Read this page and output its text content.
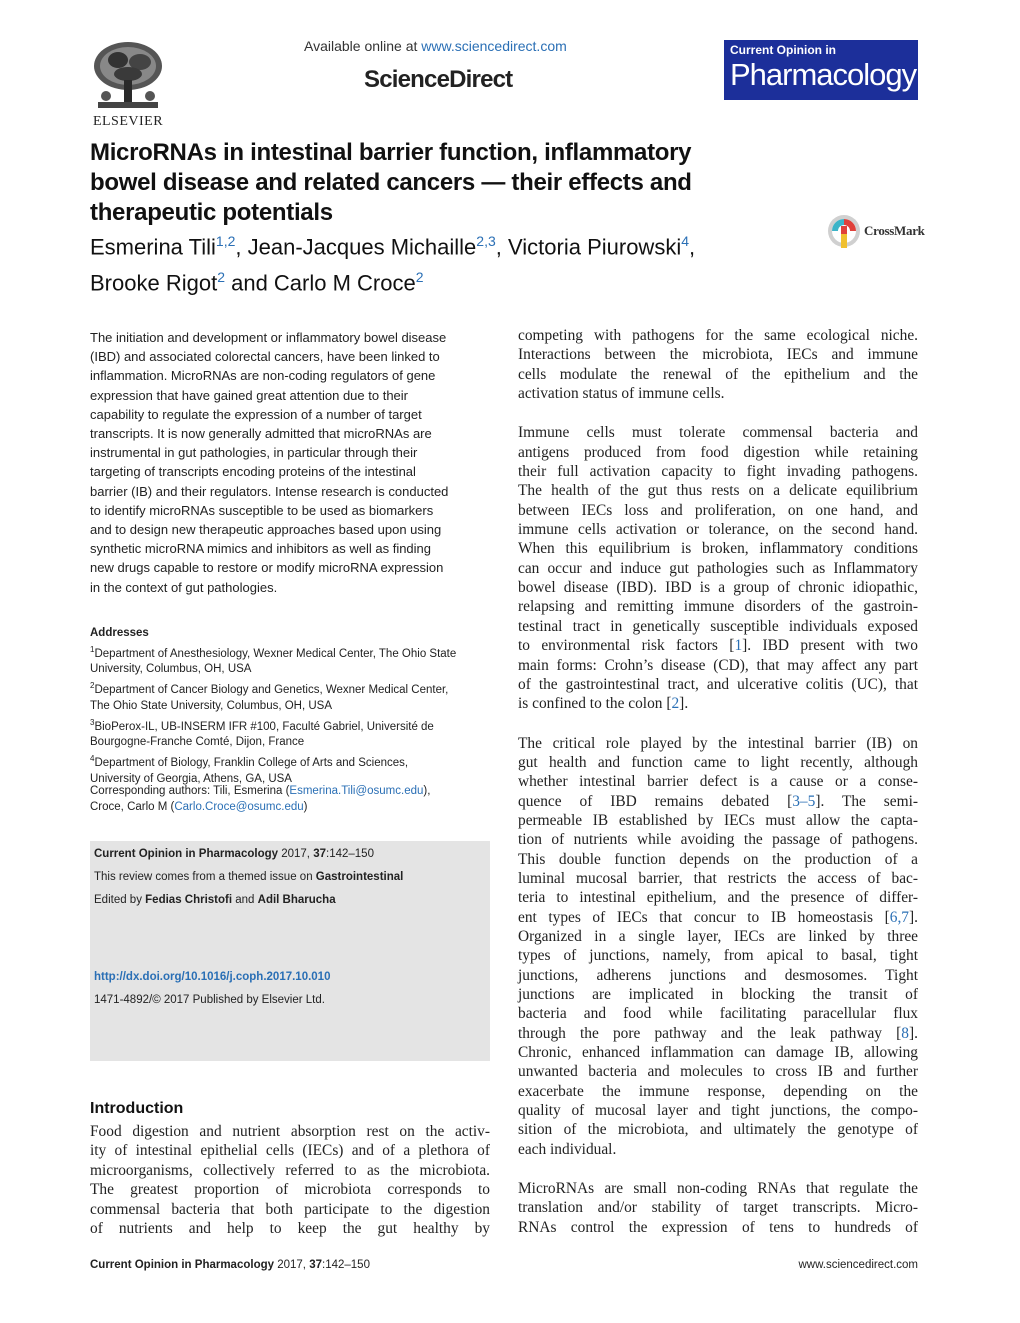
ELSEVIER
Available online at www.sciencedirect.com
ScienceDirect
Current Opinion in
Pharmacology
MicroRNAs in intestinal barrier function, inflammatory
bowel disease and related cancers — their effects and
therapeutic potentials
Esmerina Tili$^{1,2}$, Jean-Jacques Michaille$^{2,3}$, Victoria Piurowski$^4$,
Brooke Rigot$^2$ and Carlo M Croce$^2$
CrossMark
The initiation and development or inflammatory bowel disease
(IBD) and associated colorectal cancers, have been linked to
inflammation. MicroRNAs are non-coding regulators of gene
expression that have gained great attention due to their
capability to regulate the expression of a number of target
transcripts. It is now generally admitted that microRNAs are
instrumental in gut pathologies, in particular through their
targeting of transcripts encoding proteins of the intestinal
barrier (IB) and their regulators. Intense research is conducted
to identify microRNAs susceptible to be used as biomarkers
and to design new therapeutic approaches based upon using
synthetic microRNA mimics and inhibitors as well as finding
new drugs capable to restore or modify microRNA expression
in the context of gut pathologies.
Addresses
$^1$Department of Anesthesiology, Wexner Medical Center, The Ohio State
University, Columbus, OH, USA
$^2$Department of Cancer Biology and Genetics, Wexner Medical Center,
The Ohio State University, Columbus, OH, USA
$^3$BioPerox-IL, UB-INSERM IFR #100, Faculté Gabriel, Université de
Bourgogne-Franche Comté, Dijon, France
$^4$Department of Biology, Franklin College of Arts and Sciences,
University of Georgia, Athens, GA, USA
Corresponding authors: Tili, Esmerina (Esmerina.Tili@osumc.edu),
Croce, Carlo M (Carlo.Croce@osumc.edu)
Current Opinion in Pharmacology 2017, 37:142–150
This review comes from a themed issue on Gastrointestinal
Edited by Fedias Christofi and Adil Bharucha
http://dx.doi.org/10.1016/j.coph.2017.10.010
1471-4892/© 2017 Published by Elsevier Ltd.
Introduction
Food digestion and nutrient absorption rest on the activ-
ity of intestinal epithelial cells (IECs) and of a plethora of
microorganisms, collectively referred to as the microbiota.
The greatest proportion of microbiota corresponds to
commensal bacteria that both participate to the digestion
of nutrients and help to keep the gut healthy by
competing with pathogens for the same ecological niche.
Interactions between the microbiota, IECs and immune
cells modulate the renewal of the epithelium and the
activation status of immune cells.
Immune cells must tolerate commensal bacteria and
antigens produced from food digestion while retaining
their full activation capacity to fight invading pathogens.
The health of the gut thus rests on a delicate equilibrium
between IECs loss and proliferation, on one hand, and
immune cells activation or tolerance, on the second hand.
When this equilibrium is broken, inflammatory conditions
can occur and induce gut pathologies such as Inflammatory
bowel disease (IBD). IBD is a group of chronic idiopathic,
relapsing and remitting immune disorders of the gastroin-
testinal tract in genetically susceptible individuals exposed
to environmental risk factors [1]. IBD present with two
main forms: Crohn’s disease (CD), that may affect any part
of the gastrointestinal tract, and ulcerative colitis (UC), that
is confined to the colon [2].
The critical role played by the intestinal barrier (IB) on
gut health and function came to light recently, although
whether intestinal barrier defect is a cause or a conse-
quence of IBD remains debated [3–5]. The semi-
permeable IB established by IECs must allow the capta-
tion of nutrients while avoiding the passage of pathogens.
This double function depends on the production of a
luminal mucosal barrier, that restricts the access of bac-
teria to intestinal epithelium, and the presence of differ-
ent types of IECs that concur to IB homeostasis [6,7].
Organized in a single layer, IECs are linked by three
types of junctions, namely, from apical to basal, tight
junctions, adherens junctions and desmosomes. Tight
junctions are implicated in blocking the transit of
bacteria and food while facilitating paracellular flux
through the pore pathway and the leak pathway [8].
Chronic, enhanced inflammation can damage IB, allowing
unwanted bacteria and molecules to cross IB and further
exacerbate the immune response, depending on the
quality of mucosal layer and tight junctions, the compo-
sition of the microbiota, and ultimately the genotype of
each individual.
MicroRNAs are small non-coding RNAs that regulate the
translation and/or stability of target transcripts. Micro-
RNAs control the expression of tens to hundreds of
Current Opinion in Pharmacology 2017, 37:142–150	www.sciencedirect.com
